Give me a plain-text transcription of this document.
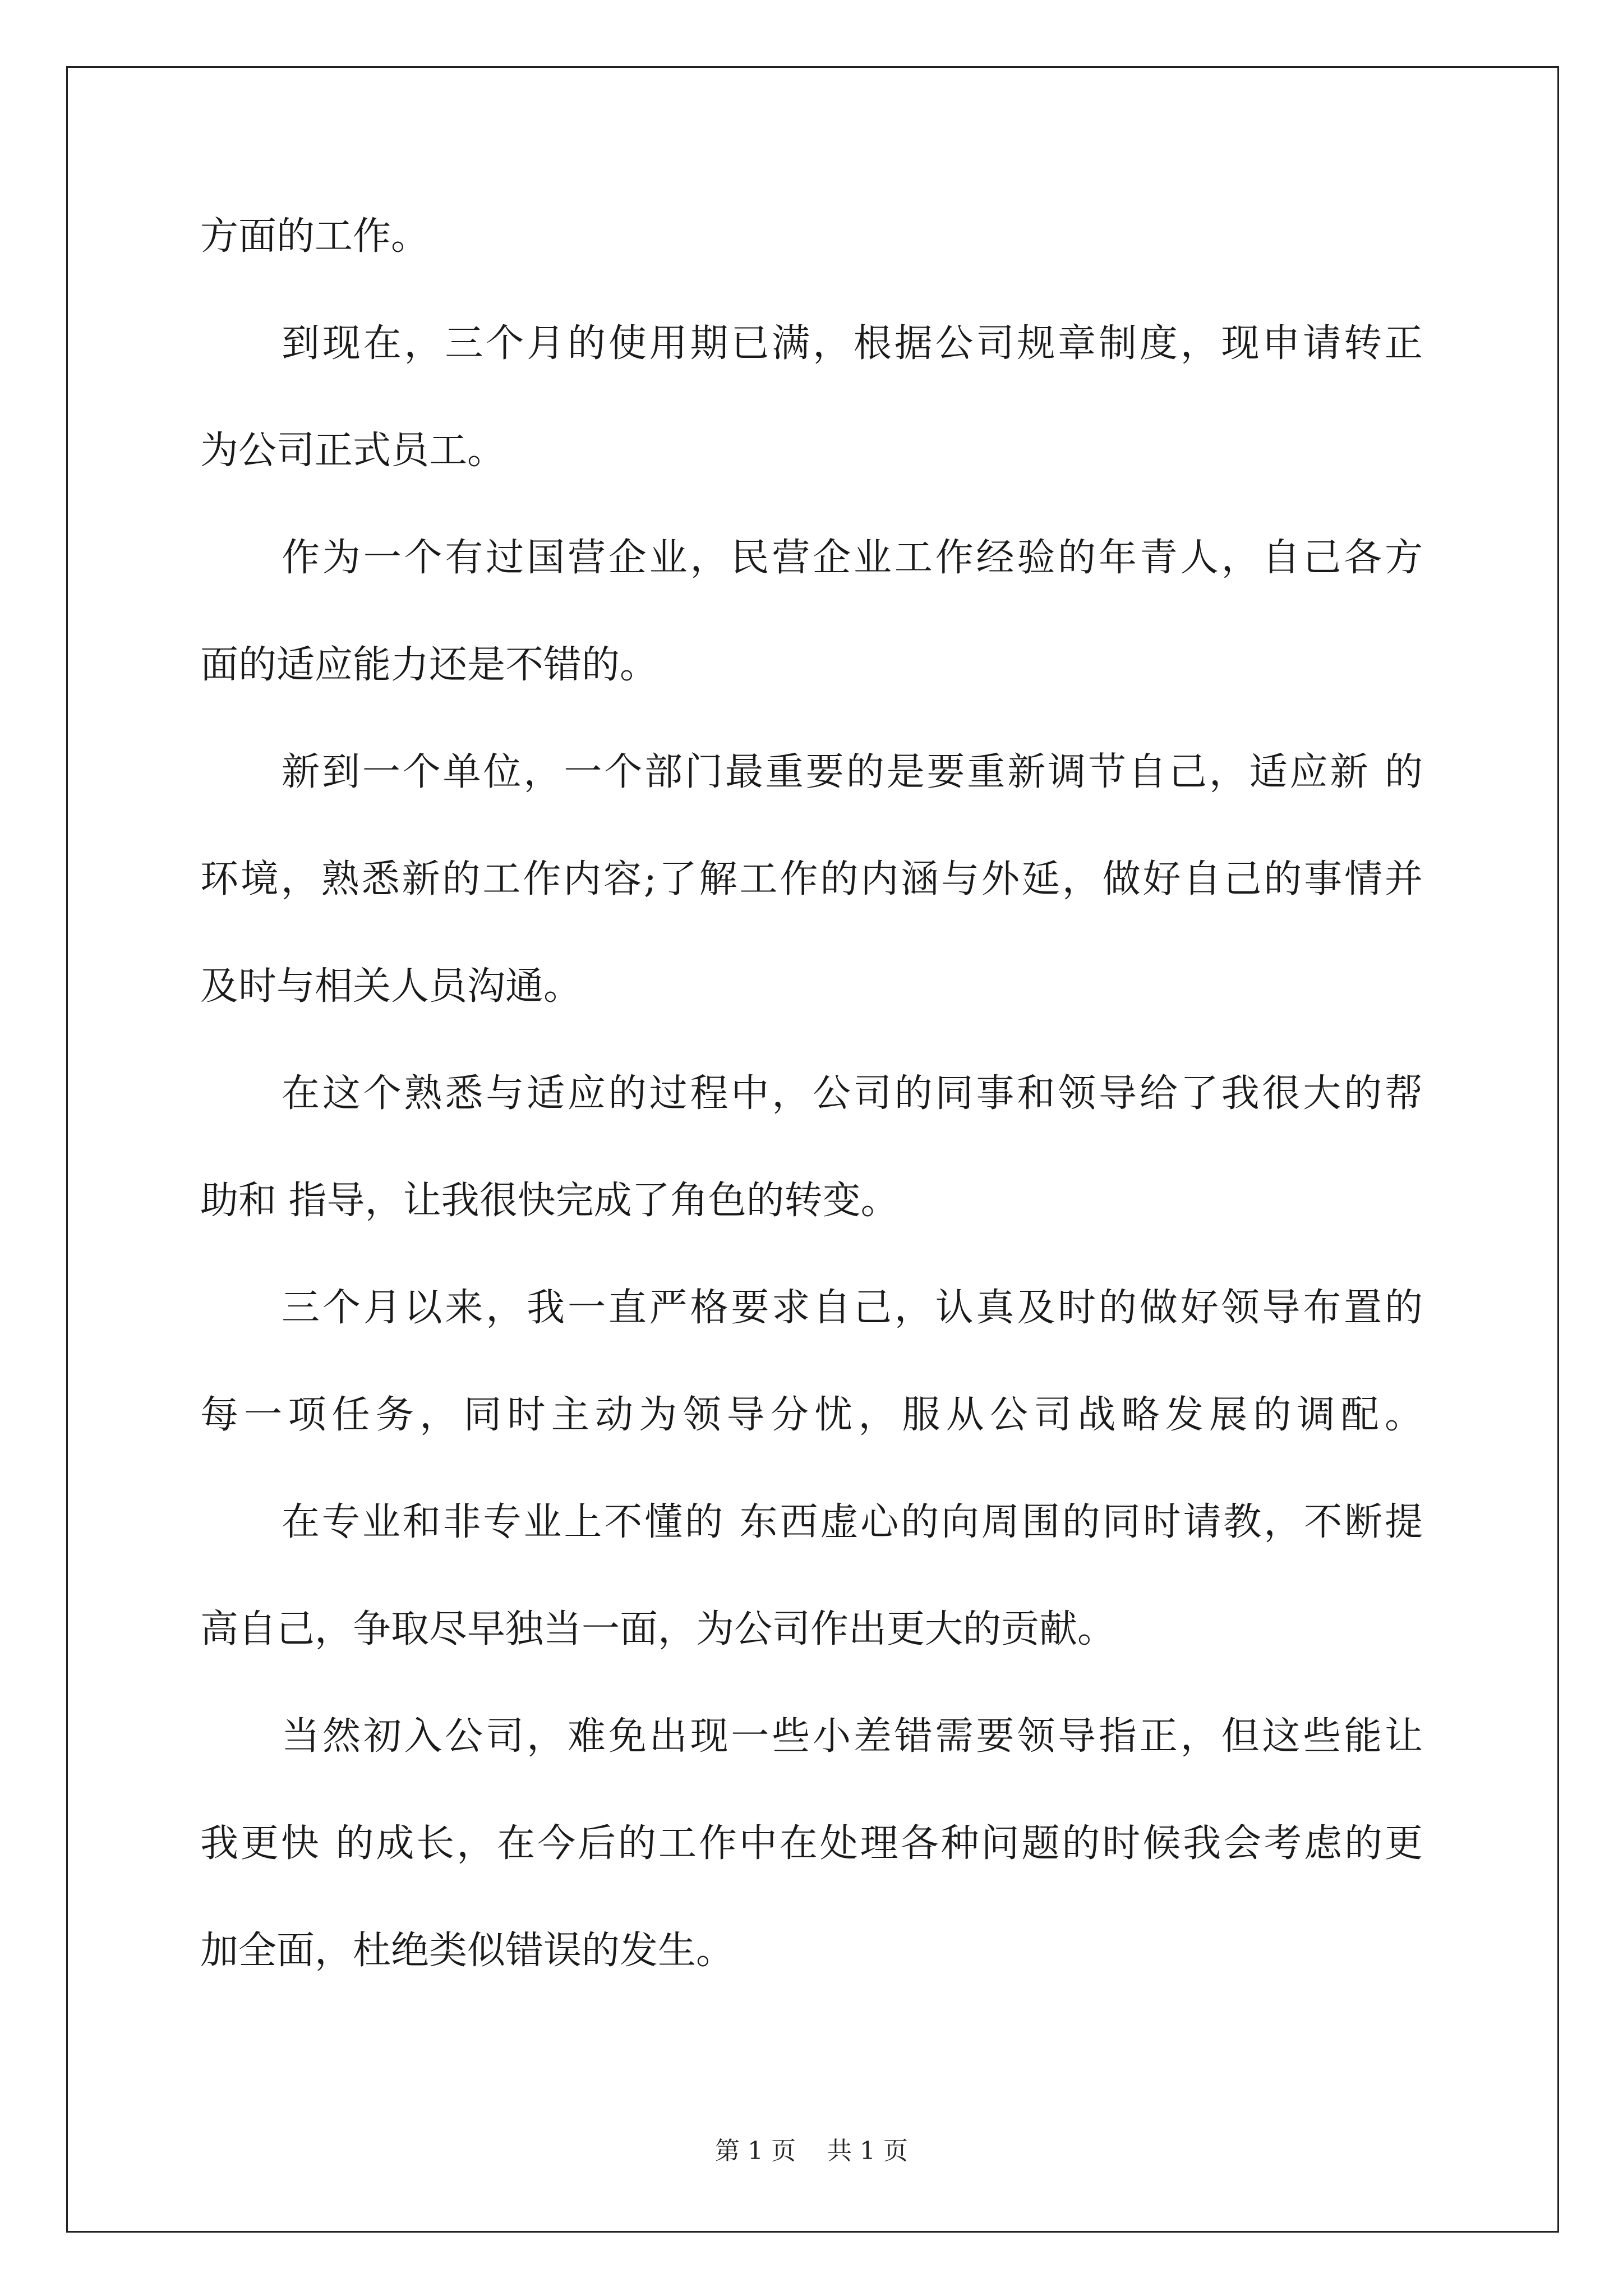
方面的工作。
到现在，三个月的使用期已满，根据公司规章制度，现申请转正
为公司正式员工。
作为一个有过国营企业，民营企业工作经验的年青人，自己各方
面的适应能力还是不错的。
新到一个单位，一个部门最重要的是要重新调节自己，适应新 的
环境，熟悉新的工作内容;了解工作的内涵与外延，做好自己的事情并
及时与相关人员沟通。
在这个熟悉与适应的过程中，公司的同事和领导给了我很大的帮
助和 指导，让我很快完成了角色的转变。
三个月以来，我一直严格要求自己，认真及时的做好领导布置的
每一项任务，同时主动为领导分忧，服从公司战略发展的调配。
在专业和非专业上不懂的 东西虚心的向周围的同时请教，不断提
高自己，争取尽早独当一面，为公司作出更大的贡献。
当然初入公司，难免出现一些小差错需要领导指正，但这些能让
我更快 的成长，在今后的工作中在处理各种问题的时候我会考虑的更
加全面，杜绝类似错误的发生。
第 1 页    共 1 页
